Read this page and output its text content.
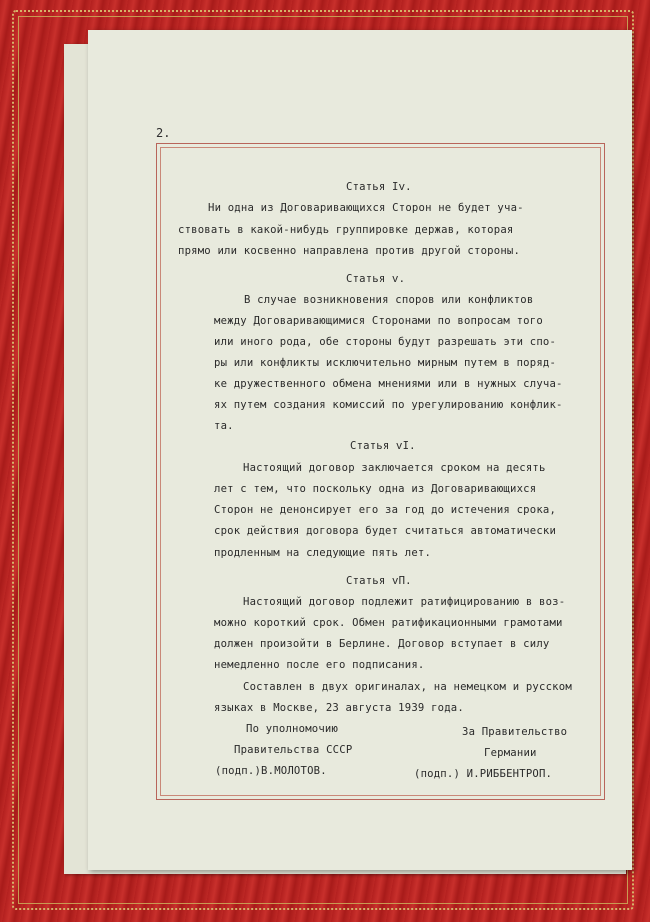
2.
Статья Iᴠ.
Ни одна из Договаривающихся Сторон не будет уча-
ствовать в какой-нибудь группировке держав, которая
прямо или косвенно направлена против другой стороны.
Статья ᴠ.
В случае возникновения споров или конфликтов
между Договаривающимися Сторонами по вопросам того
или иного рода, обе стороны будут разрешать эти спо-
ры или конфликты исключительно мирным путем в поряд-
ке дружественного обмена мнениями или в нужных случа-
ях путем создания комиссий по урегулированию конфлик-
та.
Статья ᴠI.
Настоящий договор заключается сроком на десять
лет с тем, что поскольку одна из Договаривающихся
Сторон не денонсирует его за год до истечения срока,
срок действия договора будет считаться автоматически
продленным на следующие пять лет.
Статья ᴠП.
Настоящий договор подлежит ратифицированию в воз-
можно короткий срок. Обмен ратификационными грамотами
должен произойти в Берлине. Договор вступает в силу
немедленно после его подписания.
Составлен в двух оригиналах, на немецком и русском
языках в Москве, 23 августа 1939 года.
По уполномочию
Правительства СССР
(подп.)В.МОЛОТОВ.
За Правительство
Германии
(подп.) И.РИББЕНТРОП.
